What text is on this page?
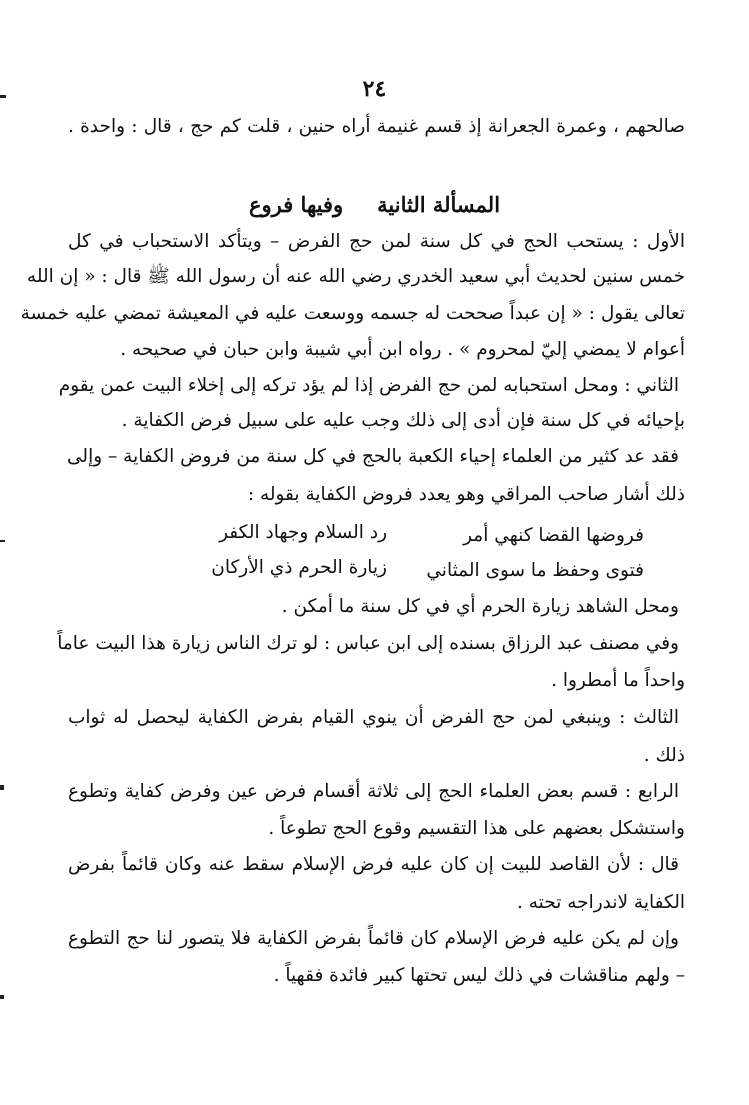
٢٤
صالحهم ، وعمرة الجعرانة إذ قسم غنيمة أراه حنين ، قلت كم حج ، قال : واحدة .
المسألة الثانيةوفيها فروع
الأول : يستحب الحج في كل سنة لمن حج الفرض – ويتأكد الاستحباب في كل
خمس سنين لحديث أبي سعيد الخدري رضي الله عنه أن رسول الله ﷺ قال : « إن الله
تعالى يقول : « إن عبداً صححت له جسمه ووسعت عليه في المعيشة تمضي عليه خمسة
أعوام لا يمضي إليّ لمحروم » . رواه ابن أبي شيبة وابن حبان في صحيحه .
الثاني : ومحل استحبابه لمن حج الفرض إذا لم يؤد تركه إلى إخلاء البيت عمن يقوم
بإحيائه في كل سنة فإن أدى إلى ذلك وجب عليه على سبيل فرض الكفاية .
فقد عد كثير من العلماء إحياء الكعبة بالحج في كل سنة من فروض الكفاية – وإلى
ذلك أشار صاحب المراقي وهو يعدد فروض الكفاية بقوله :
فروضها القضا كنهي أمر
رد السلام وجهاد الكفر
فتوى وحفظ ما سوى المثاني
زيارة الحرم ذي الأركان
ومحل الشاهد زيارة الحرم أي في كل سنة ما أمكن .
وفي مصنف عبد الرزاق بسنده إلى ابن عباس : لو ترك الناس زيارة هذا البيت عاماً
واحداً ما أمطروا .
الثالث : وينبغي لمن حج الفرض أن ينوي القيام بفرض الكفاية ليحصل له ثواب
ذلك .
الرابع : قسم بعض العلماء الحج إلى ثلاثة أقسام فرض عين وفرض كفاية وتطوع
واستشكل بعضهم على هذا التقسيم وقوع الحج تطوعاً .
قال : لأن القاصد للبيت إن كان عليه فرض الإسلام سقط عنه وكان قائماً بفرض
الكفاية لاندراجه تحته .
وإن لم يكن عليه فرض الإسلام كان قائماً بفرض الكفاية فلا يتصور لنا حج التطوع
– ولهم مناقشات في ذلك ليس تحتها كبير فائدة فقهياً .
